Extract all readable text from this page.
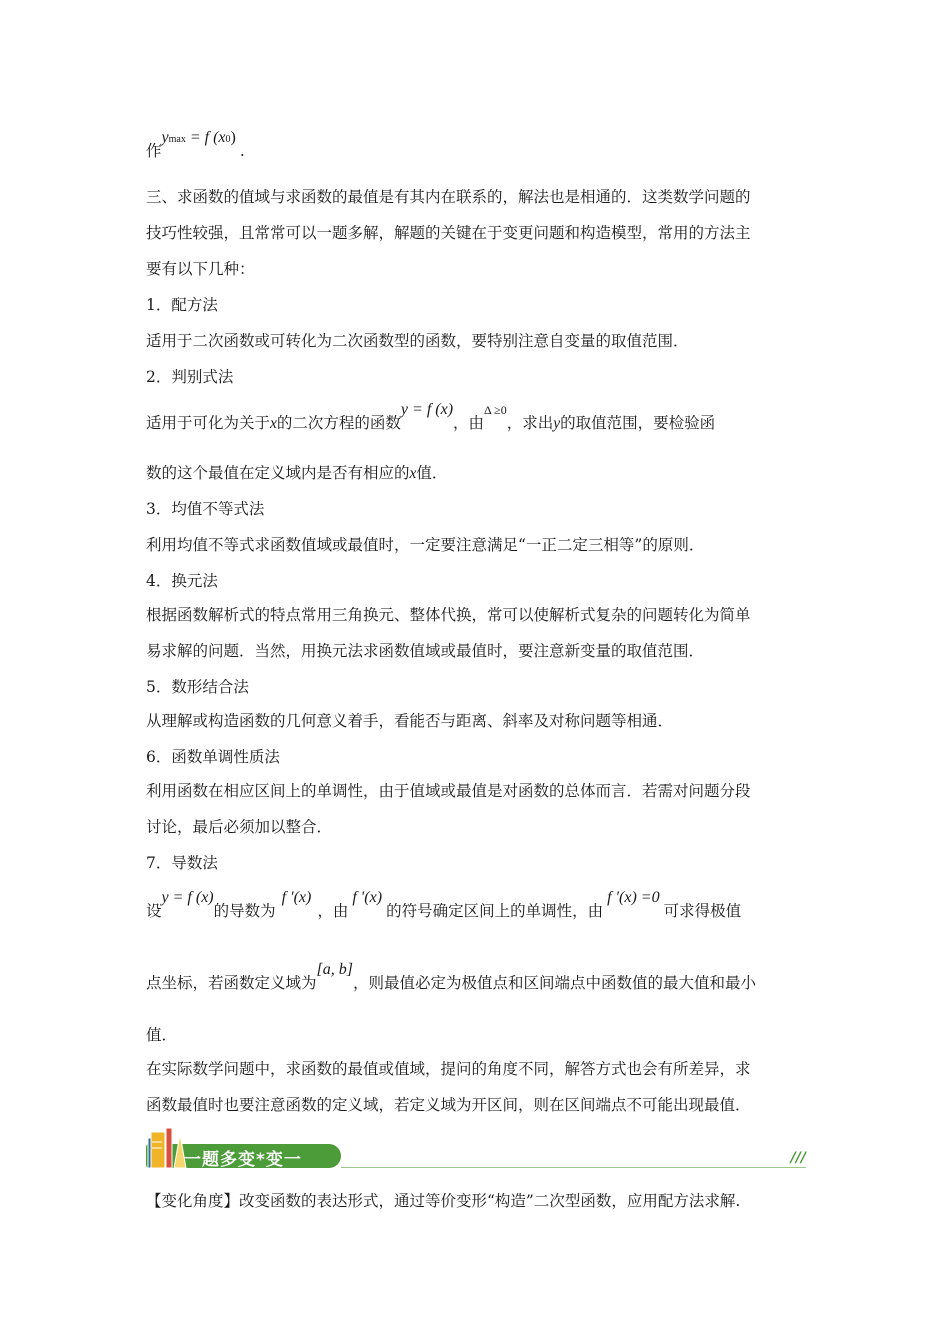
作ymax = f (x0).
三、求函数的值域与求函数的最值是有其内在联系的，解法也是相通的．这类数学问题的
技巧性较强，且常常可以一题多解，解题的关键在于变更问题和构造模型，常用的方法主
要有以下几种：
1．配方法
适用于二次函数或可转化为二次函数型的函数，要特别注意自变量的取值范围．
2．判别式法
适用于可化为关于x的二次方程的函数y = f (x)，由$^{\Delta \ge 0}$，求出y的取值范围，要检验函
数的这个最值在定义域内是否有相应的x值．
3．均值不等式法
利用均值不等式求函数值域或最值时，一定要注意满足“一正二定三相等”的原则．
4．换元法
根据函数解析式的特点常用三角换元、整体代换，常可以使解析式复杂的问题转化为简单
易求解的问题．当然，用换元法求函数值域或最值时，要注意新变量的取值范围．
5．数形结合法
从理解或构造函数的几何意义着手，看能否与距离、斜率及对称问题等相通．
6．函数单调性质法
利用函数在相应区间上的单调性，由于值域或最值是对函数的总体而言．若需对问题分段
讨论，最后必须加以整合．
7．导数法
设y = f (x)的导数为f ′(x)，由f ′(x)的符号确定区间上的单调性，由f ′(x) =0可求得极值
点坐标，若函数定义域为[a, b]，则最值必定为极值点和区间端点中函数值的最大值和最小
值．
在实际数学问题中，求函数的最值或值域，提问的角度不同，解答方式也会有所差异，求
函数最值时也要注意函数的定义域，若定义域为开区间，则在区间端点不可能出现最值．
一题多变*变一	///
【变化角度】改变函数的表达形式，通过等价变形“构造”二次型函数，应用配方法求解.
